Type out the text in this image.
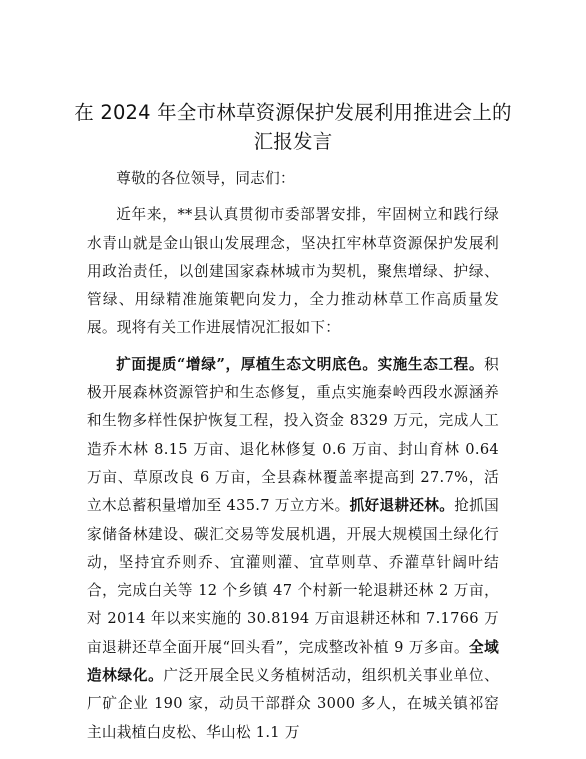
在 2024 年全市林草资源保护发展利用推进会上的汇报发言

尊敬的各位领导，同志们：

近年来，**县认真贯彻市委部署安排，牢固树立和践行绿水青山就是金山银山发展理念，坚决扛牢林草资源保护发展利用政治责任，以创建国家森林城市为契机，聚焦增绿、护绿、管绿、用绿精准施策靶向发力，全力推动林草工作高质量发展。现将有关工作进展情况汇报如下：

扩面提质“增绿”，厚植生态文明底色。实施生态工程。积极开展森林资源管护和生态修复，重点实施秦岭西段水源涵养和生物多样性保护恢复工程，投入资金 8329 万元，完成人工造乔木林 8.15 万亩、退化林修复 0.6 万亩、封山育林 0.64 万亩、草原改良 6 万亩，全县森林覆盖率提高到 27.7%，活立木总蓄积量增加至 435.7 万立方米。抓好退耕还林。抢抓国家储备林建设、碳汇交易等发展机遇，开展大规模国土绿化行动，坚持宜乔则乔、宜灌则灌、宜草则草、乔灌草针阔叶结合，完成白关等 12 个乡镇 47 个村新一轮退耕还林 2 万亩，对 2014 年以来实施的 30.8194 万亩退耕还林和 7.1766 万亩退耕还草全面开展“回头看”，完成整改补植 9 万多亩。全域造林绿化。广泛开展全民义务植树活动，组织机关事业单位、厂矿企业 190 家，动员干部群众 3000 多人，在城关镇祁窑主山栽植白皮松、华山松 1.1 万
